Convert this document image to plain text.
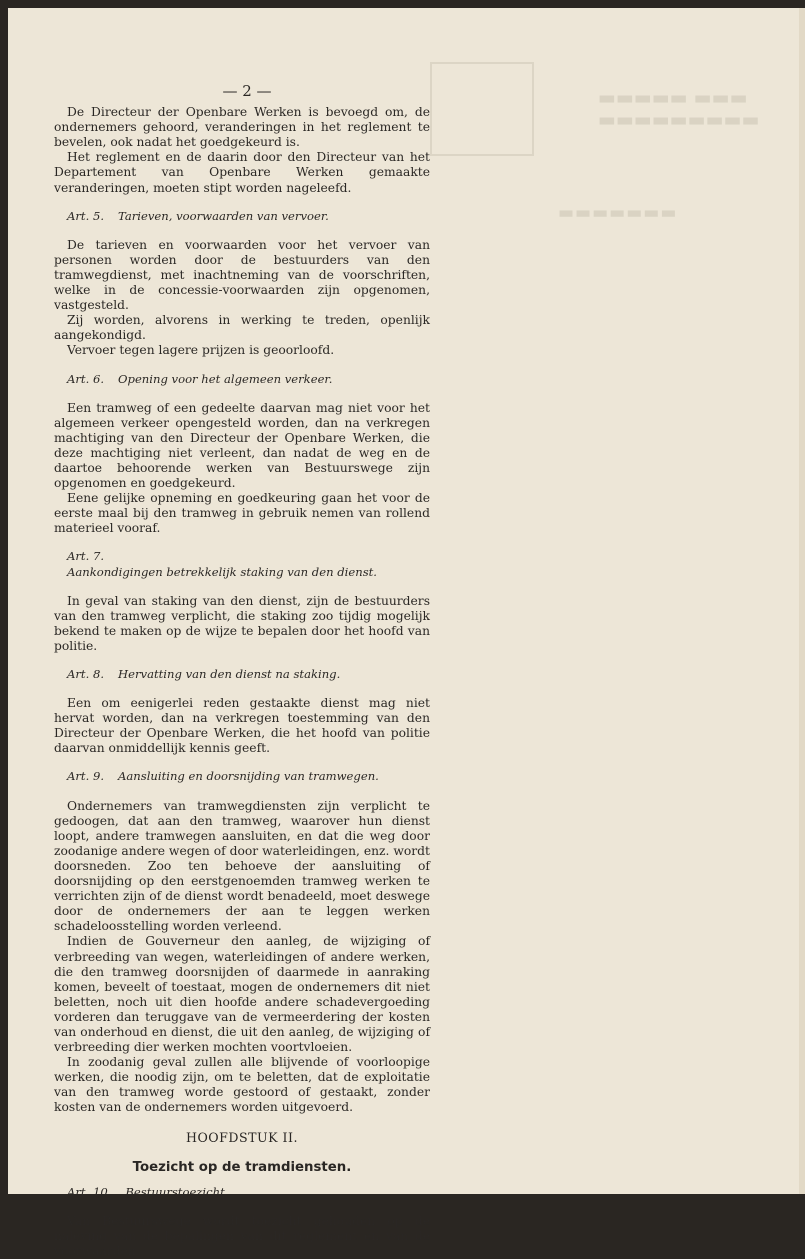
▬▬▬▬▬ ▬▬▬
▬▬▬▬▬▬▬▬▬
▬▬▬▬▬▬▬
— 2 —

De Directeur der Openbare Werken is bevoegd om, de ondernemers gehoord, veranderingen in het reglement te bevelen, ook nadat het goedgekeurd is.

Het reglement en de daarin door den Directeur van het Departement van Openbare Werken gemaakte veranderingen, moeten stipt worden nageleefd.

Art. 5. Tarieven, voorwaarden van vervoer.

De tarieven en voorwaarden voor het vervoer van personen worden door de bestuurders van den tramwegdienst, met inachtneming van de voorschriften, welke in de concessie-voorwaarden zijn opgenomen, vastgesteld.

Zij worden, alvorens in werking te treden, openlijk aangekondigd.

Vervoer tegen lagere prijzen is geoorloofd.

Art. 6. Opening voor het algemeen verkeer.

Een tramweg of een gedeelte daarvan mag niet voor het algemeen verkeer opengesteld worden, dan na verkregen machtiging van den Directeur der Openbare Werken, die deze machtiging niet verleent, dan nadat de weg en de daartoe behoorende werken van Bestuurswege zijn opgenomen en goedgekeurd.

Eene gelijke opneming en goedkeuring gaan het voor de eerste maal bij den tramweg in gebruik nemen van rollend materieel vooraf.

Art. 7.Aankondigingen betrekkelijk staking van den dienst.

In geval van staking van den dienst, zijn de bestuurders van den tramweg verplicht, die staking zoo tijdig mogelijk bekend te maken op de wijze te bepalen door het hoofd van politie.

Art. 8. Hervatting van den dienst na staking.

Een om eenigerlei reden gestaakte dienst mag niet hervat worden, dan na verkregen toestemming van den Directeur der Openbare Werken, die het hoofd van politie daarvan onmiddellijk kennis geeft.

Art. 9. Aansluiting en doorsnijding van tramwegen.

Ondernemers van tramwegdiensten zijn verplicht te gedoogen, dat aan den tramweg, waarover hun dienst loopt, andere tramwegen aansluiten, en dat die weg door zoodanige andere wegen of door waterleidingen, enz. wordt doorsneden. Zoo ten behoeve der aansluiting of doorsnijding op den eerstgenoemden tramweg werken te verrichten zijn of de dienst wordt benadeeld, moet deswege door de ondernemers der aan te leggen werken schadeloosstelling worden verleend.

Indien de Gouverneur den aanleg, de wijziging of verbreeding van wegen, waterleidingen of andere werken, die den tramweg doorsnijden of daarmede in aanraking komen, beveelt of toestaat, mogen de ondernemers dit niet beletten, noch uit dien hoofde andere schadevergoeding vorderen dan teruggave van de vermeerdering der kosten van onderhoud en dienst, die uit den aanleg, de wijziging of verbreeding dier werken mochten voortvloeien.

In zoodanig geval zullen alle blijvende of voorloopige werken, die noodig zijn, om te beletten, dat de exploitatie van den tramweg worde gestoord of gestaakt, zonder kosten van de ondernemers worden uitgevoerd.

HOOFDSTUK II.
Toezicht op de tramdiensten.
Art. 10. Bestuurstoezicht.

Van Bestuurswege wordt toezicht gehouden op de naleving van de bepalingen van dit reglement en van de voorwaarden,
